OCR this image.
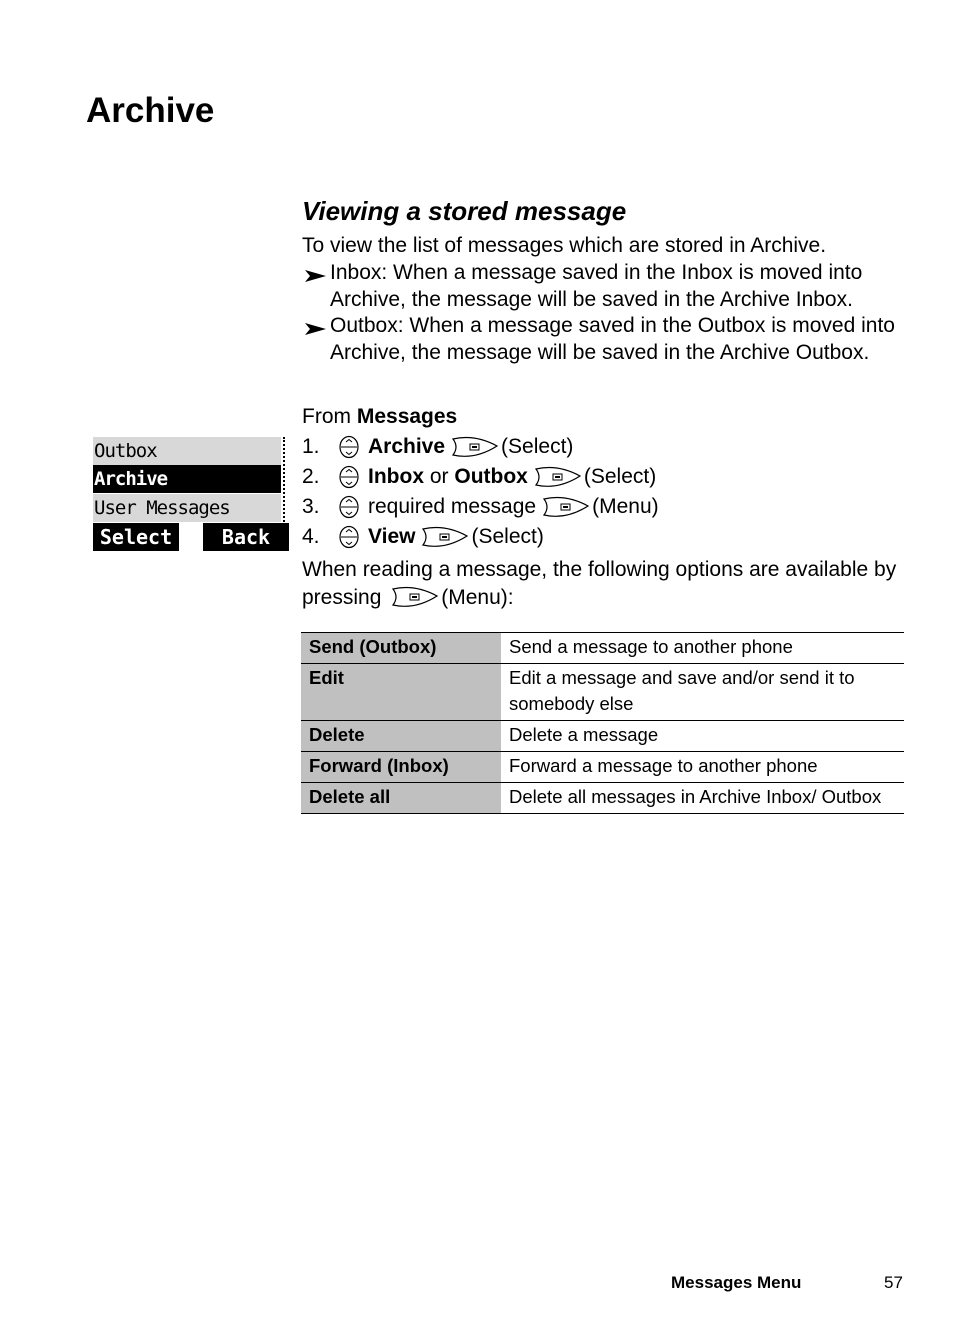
Archive
Viewing a stored message

To view the list of messages which are stored in Archive.

Inbox: When a message saved in the Inbox is moved into Archive, the message will be saved in the Archive Inbox.
Outbox: When a message saved in the Outbox is moved into Archive, the message will be saved in the Archive Outbox.
From Messages
1.	Archive	(Select)
2.	Inbox
or
Outbox	(Select)
3.	required message	(Menu)
4.	View	(Select)
When reading a message, the following options are available by pressing	(Menu):
Outbox
Archive
User Messages
Select	Back
Send (Outbox)	Send a message to another phone
Edit	Edit a message and save and/or send it to somebody else
Delete	Delete a message
Forward (Inbox)	Forward a message to another phone
Delete all	Delete all messages in Archive Inbox/ Outbox
Messages Menu	57
